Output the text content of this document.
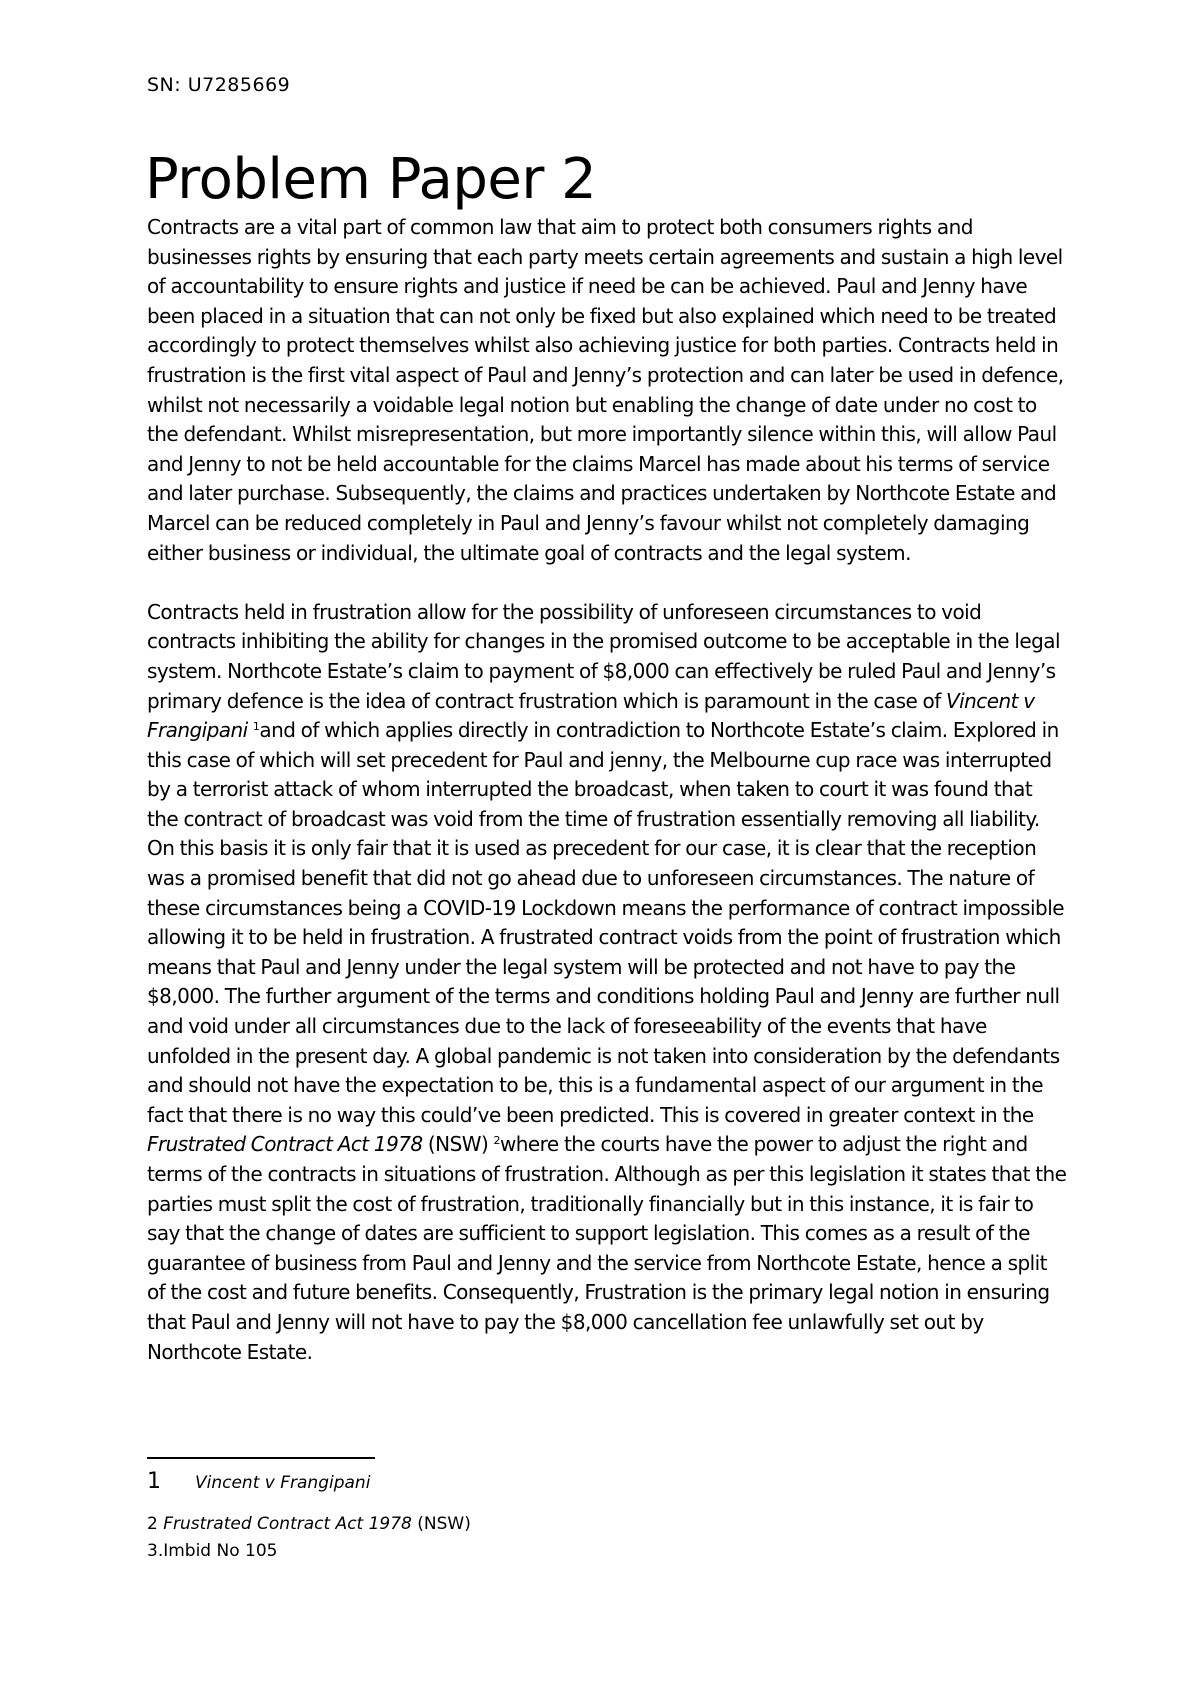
SN: U7285669
Problem Paper 2

Contracts are a vital part of common law that aim to protect both consumers rights and businesses rights by ensuring that each party meets certain agreements and sustain a high level of accountability to ensure rights and justice if need be can be achieved. Paul and Jenny have been placed in a situation that can not only be fixed but also explained which need to be treated accordingly to protect themselves whilst also achieving justice for both parties. Contracts held in frustration is the first vital aspect of Paul and Jenny’s protection and can later be used in defence, whilst not necessarily a voidable legal notion but enabling the change of date under no cost to the defendant. Whilst misrepresentation, but more importantly silence within this, will allow Paul and Jenny to not be held accountable for the claims Marcel has made about his terms of service and later purchase. Subsequently, the claims and practices undertaken by Northcote Estate and Marcel can be reduced completely in Paul and Jenny’s favour whilst not completely damaging either business or individual, the ultimate goal of contracts and the legal system.

Contracts held in frustration allow for the possibility of unforeseen circumstances to void contracts inhibiting the ability for changes in the promised outcome to be acceptable in the legal system. Northcote Estate’s claim to payment of $8,000 can effectively be ruled Paul and Jenny’s primary defence is the idea of contract frustration which is paramount in the case of Vincent v Frangipani $^1$and of which applies directly in contradiction to Northcote Estate’s claim. Explored in this case of which will set precedent for Paul and jenny, the Melbourne cup race was interrupted by a terrorist attack of whom interrupted the broadcast, when taken to court it was found that the contract of broadcast was void from the time of frustration essentially removing all liability. On this basis it is only fair that it is used as precedent for our case, it is clear that the reception was a promised benefit that did not go ahead due to unforeseen circumstances. The nature of these circumstances being a COVID-19 Lockdown means the performance of contract impossible allowing it to be held in frustration. A frustrated contract voids from the point of frustration which means that Paul and Jenny under the legal system will be protected and not have to pay the $8,000. The further argument of the terms and conditions holding Paul and Jenny are further null and void under all circumstances due to the lack of foreseeability of the events that have unfolded in the present day. A global pandemic is not taken into consideration by the defendants and should not have the expectation to be, this is a fundamental aspect of our argument in the fact that there is no way this could’ve been predicted. This is covered in greater context in the Frustrated Contract Act 1978 (NSW) $^2$where the courts have the power to adjust the right and terms of the contracts in situations of frustration. Although as per this legislation it states that the parties must split the cost of frustration, traditionally financially but in this instance, it is fair to say that the change of dates are sufficient to support legislation. This comes as a result of the guarantee of business from Paul and Jenny and the service from Northcote Estate, hence a split of the cost and future benefits. Consequently, Frustration is the primary legal notion in ensuring that Paul and Jenny will not have to pay the $8,000 cancellation fee unlawfully set out by Northcote Estate.

1 Vincent v Frangipani
2 Frustrated Contract Act 1978 (NSW)
3.Imbid No 105
